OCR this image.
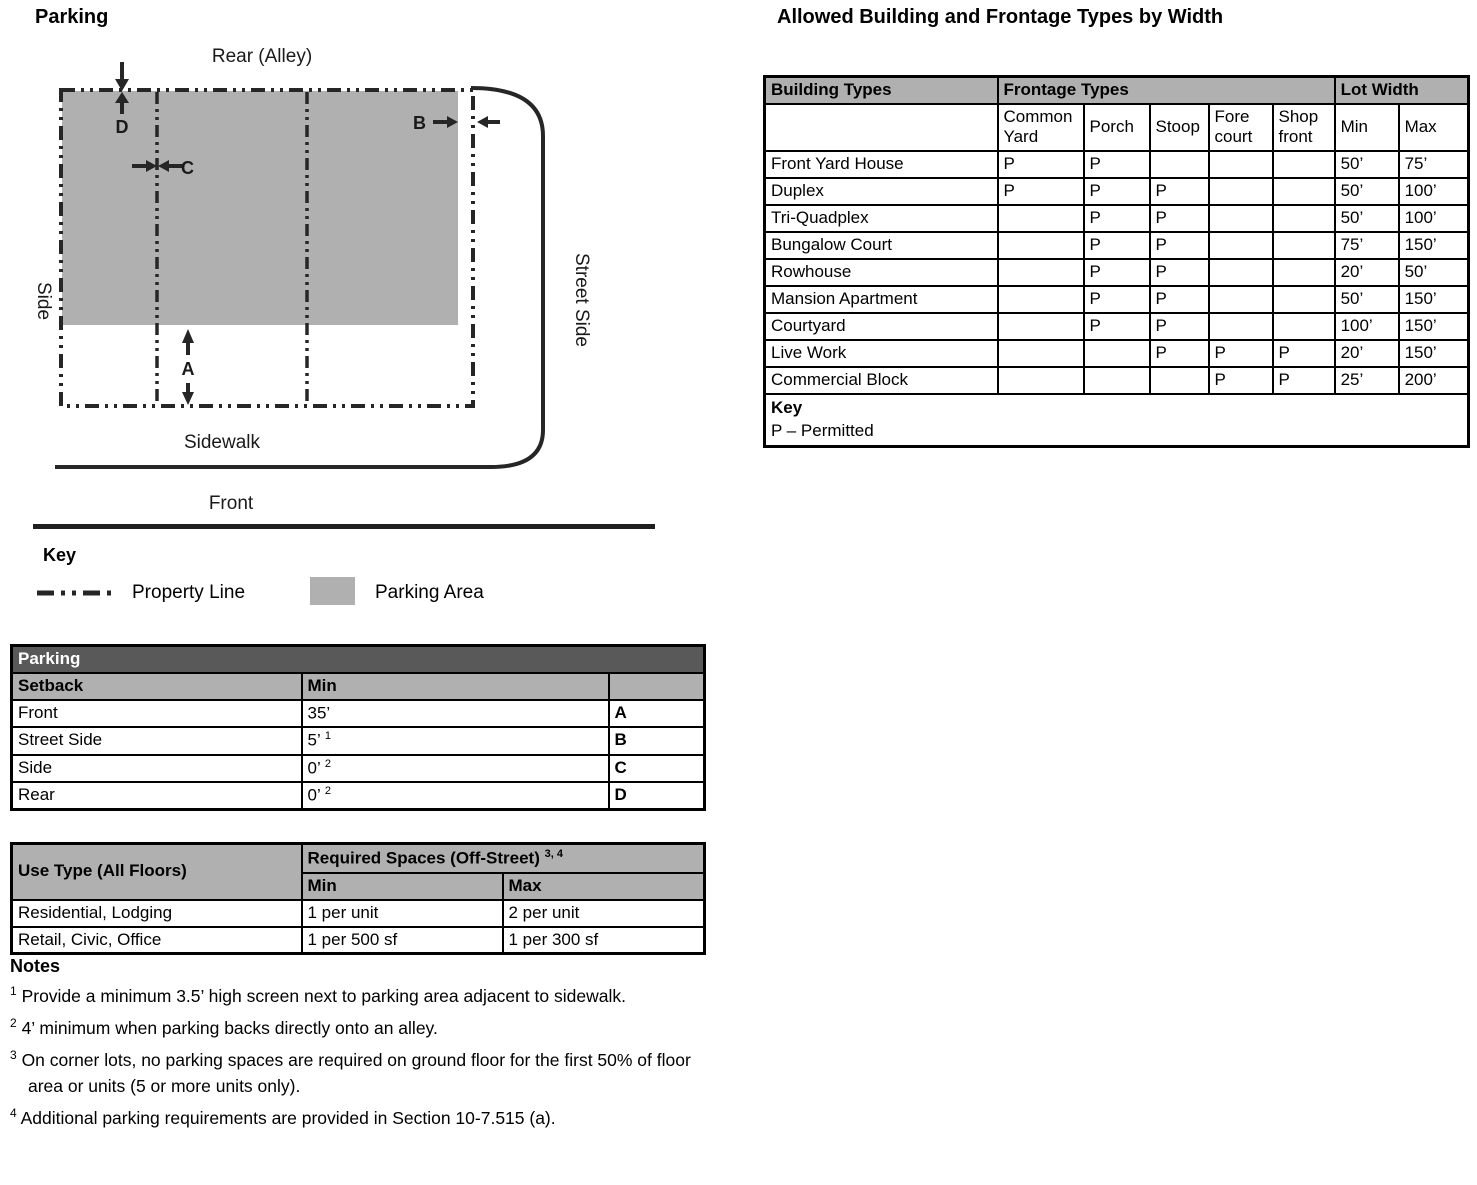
Parking
D
C
B
A
Rear (Alley)
Side	Street Side
Sidewalk
Front
Key
Property Line	Parking Area
Parking		
Setback	Min	
Front	35’	A
Street Side	5’ $^1$	B
Side	0’ $^2$	C
Rear	0’ $^2$	D
Use Type (All Floors)	Required Spaces (Off-Street) $^{3, 4}$
	Min	Max
Residential, Lodging	1 per unit	2 per unit
Retail, Civic, Office	1 per 500 sf	1 per 300 sf
Notes
$^1$ Provide a minimum 3.5’ high screen next to parking area adjacent to sidewalk.
$^2$ 4’ minimum when parking backs directly onto an alley.
$^3$ On corner lots, no parking spaces are required on ground floor for the first 50% of floor area or units (5 or more units only).
$^4$ Additional parking requirements are provided in Section 10-7.515 (a).
Allowed Building and Frontage Types by Width
Building Types	Frontage Types					Lot Width	
	Common Yard	Porch	Stoop	Fore court	Shop front	Min	Max
Front Yard House	P	P				50’	75’
Duplex	P	P	P			50’	100’
Tri-Quadplex		P	P			50’	100’
Bungalow Court		P	P			75’	150’
Rowhouse		P	P			20’	50’
Mansion Apartment		P	P			50’	150’
Courtyard		P	P			100’	150’
Live Work			P	P	P	20’	150’
Commercial Block				P	P	25’	200’

Key
P – Permitted							
